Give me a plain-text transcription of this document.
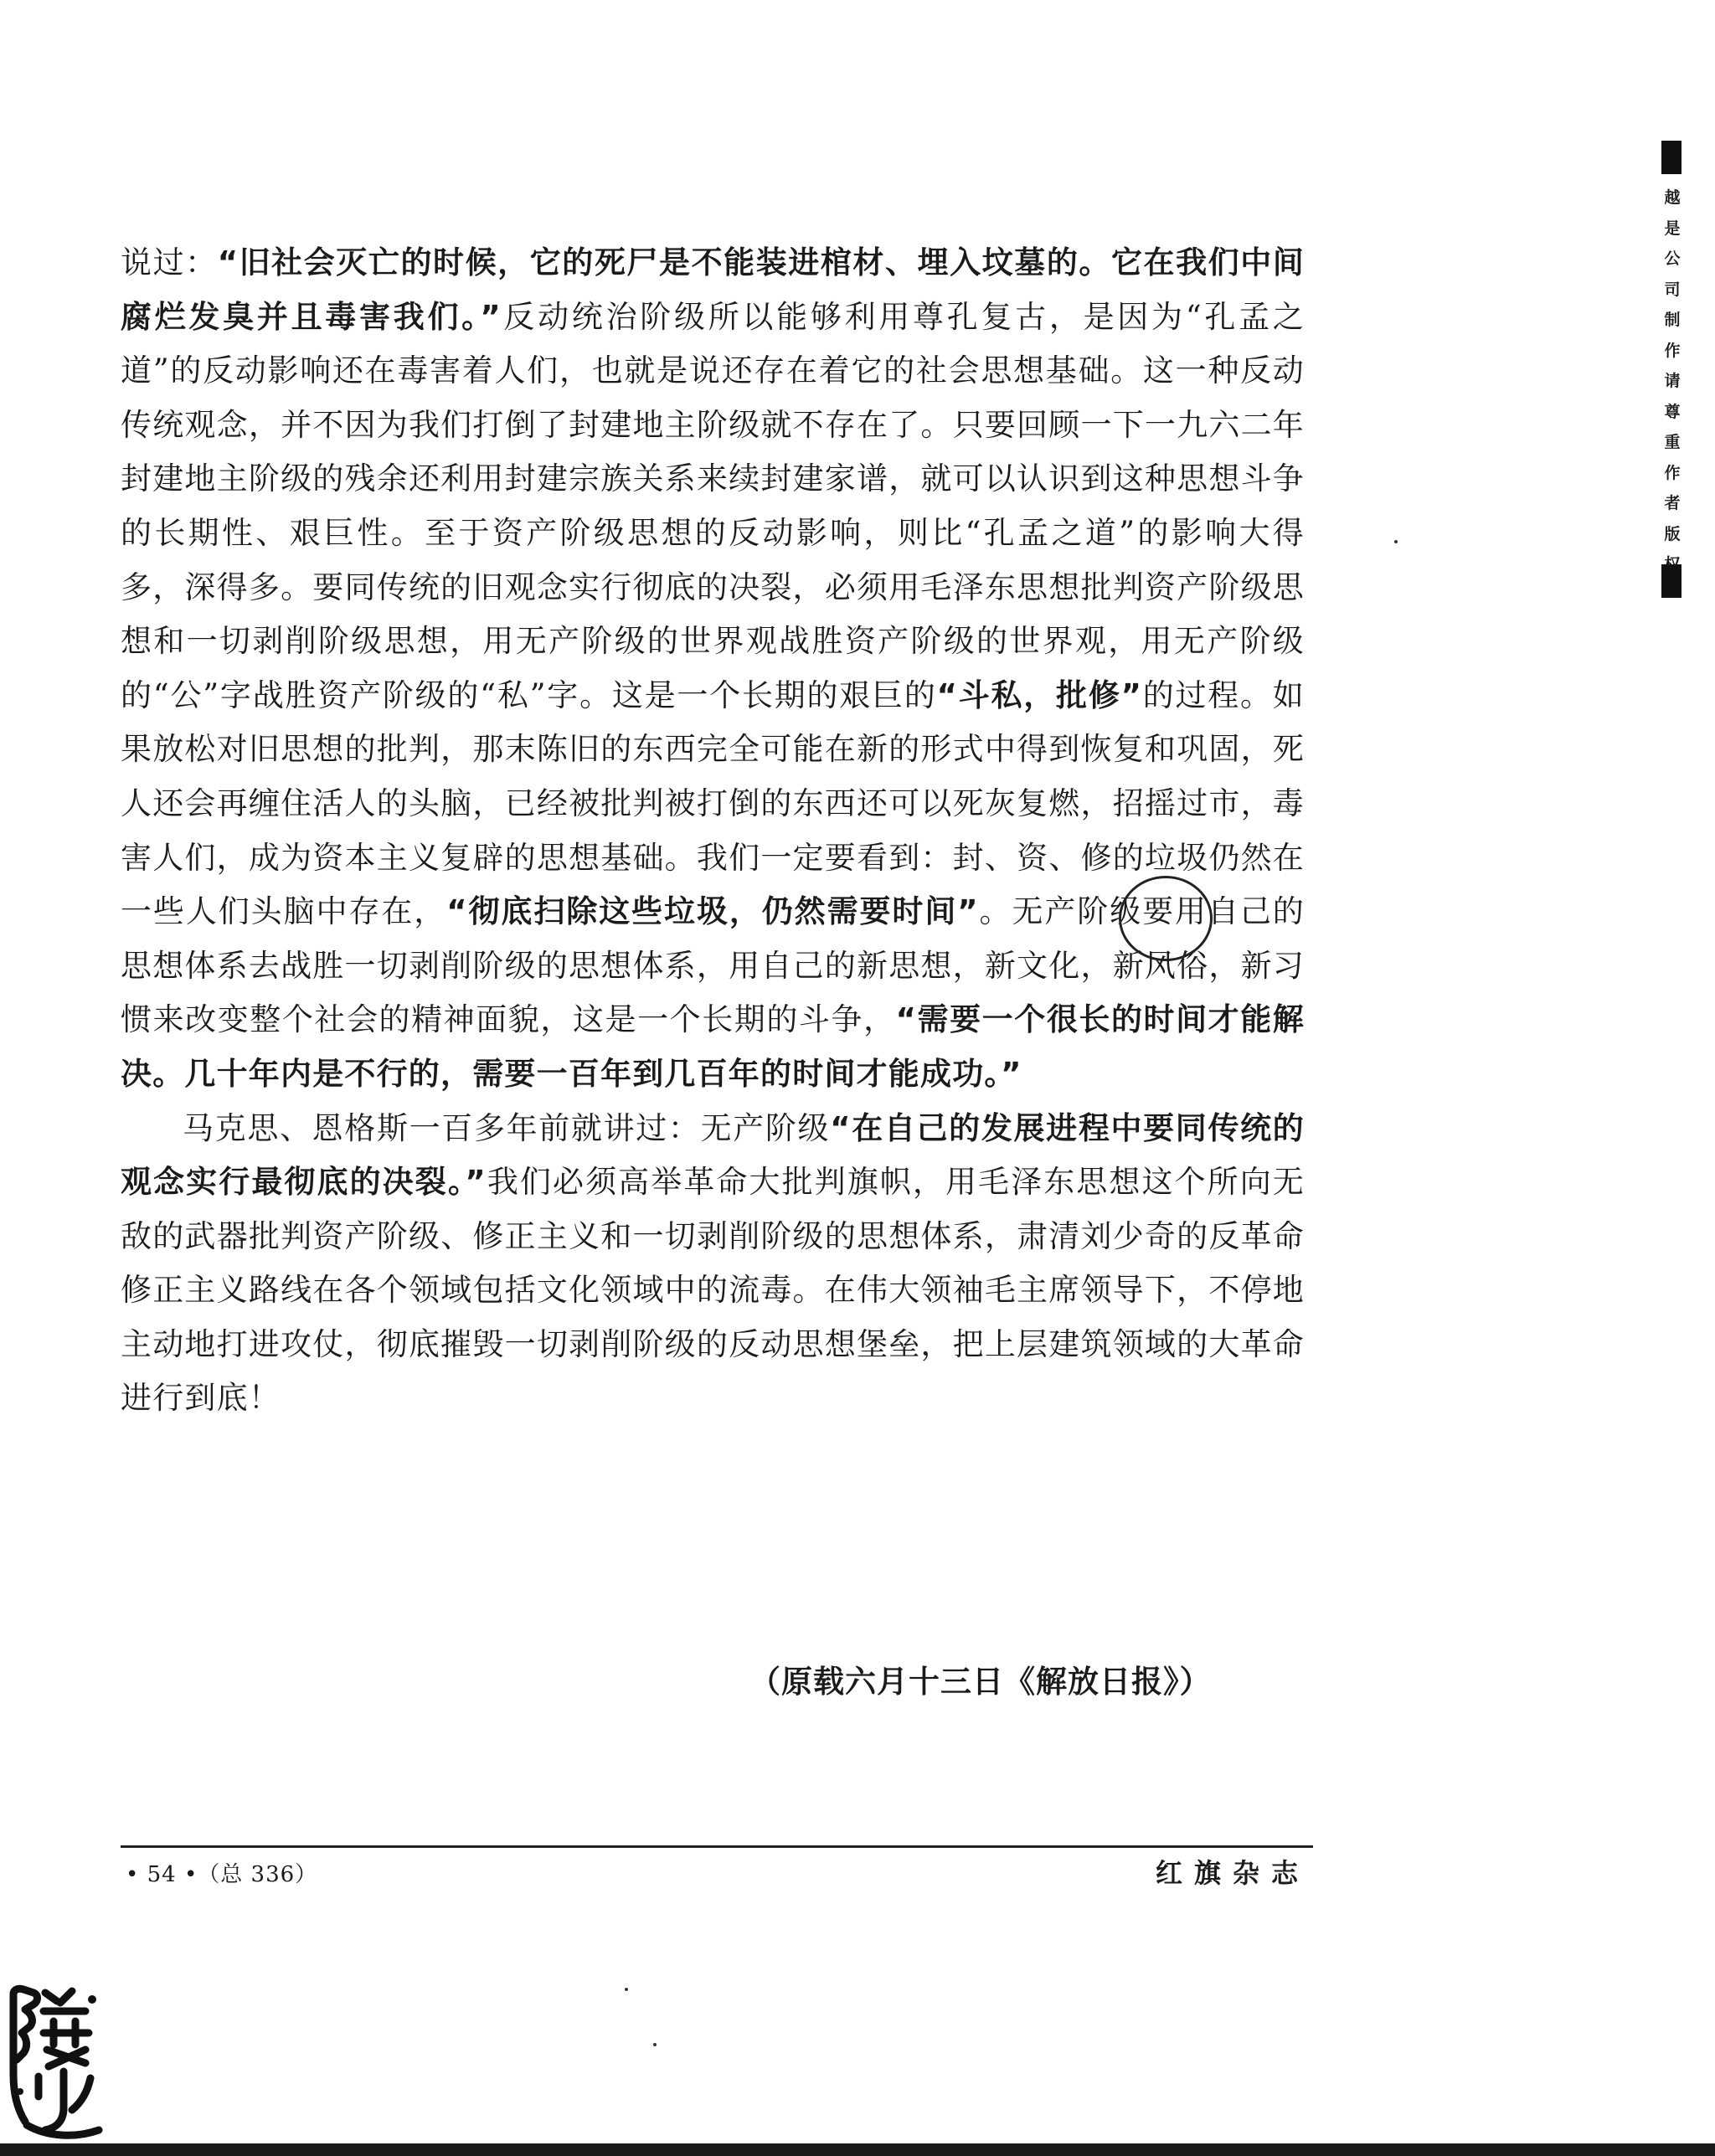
越
是
公
司
制
作
请
尊
重
作
者
版

说过：“旧社会灭亡的时候，它的死尸是不能装进棺材、埋入坟墓的。它在我们中间腐烂发臭并且毒害我们。”反动统治阶级所以能够利用尊孔复古，是因为“孔孟之道”的反动影响还在毒害着人们，也就是说还存在着它的社会思想基础。这一种反动传统观念，并不因为我们打倒了封建地主阶级就不存在了。只要回顾一下一九六二年封建地主阶级的残余还利用封建宗族关系来续封建家谱，就可以认识到这种思想斗争的长期性、艰巨性。至于资产阶级思想的反动影响，则比“孔孟之道”的影响大得多，深得多。要同传统的旧观念实行彻底的决裂，必须用毛泽东思想批判资产阶级思想和一切剥削阶级思想，用无产阶级的世界观战胜资产阶级的世界观，用无产阶级的“公”字战胜资产阶级的“私”字。这是一个长期的艰巨的“斗私，批修”的过程。如果放松对旧思想的批判，那末陈旧的东西完全可能在新的形式中得到恢复和巩固，死人还会再缠住活人的头脑，已经被批判被打倒的东西还可以死灰复燃，招摇过市，毒害人们，成为资本主义复辟的思想基础。我们一定要看到：封、资、修的垃圾仍然在一些人们头脑中存在，“彻底扫除这些垃圾，仍然需要时间”。无产阶级要用自己的思想体系去战胜一切剥削阶级的思想体系，用自己的新思想，新文化，新风俗，新习惯来改变整个社会的精神面貌，这是一个长期的斗争，“需要一个很长的时间才能解决。几十年内是不行的，需要一百年到几百年的时间才能成功。”

马克思、恩格斯一百多年前就讲过：无产阶级“在自己的发展进程中要同传统的观念实行最彻底的决裂。”我们必须高举革命大批判旗帜，用毛泽东思想这个所向无敌的武器批判资产阶级、修正主义和一切剥削阶级的思想体系，肃清刘少奇的反革命修正主义路线在各个领域包括文化领域中的流毒。在伟大领袖毛主席领导下，不停地主动地打进攻仗，彻底摧毁一切剥削阶级的反动思想堡垒，把上层建筑领域的大革命进行到底！

（原载六月十三日《解放日报》）
• 54 •（总 336）	红旗杂志
